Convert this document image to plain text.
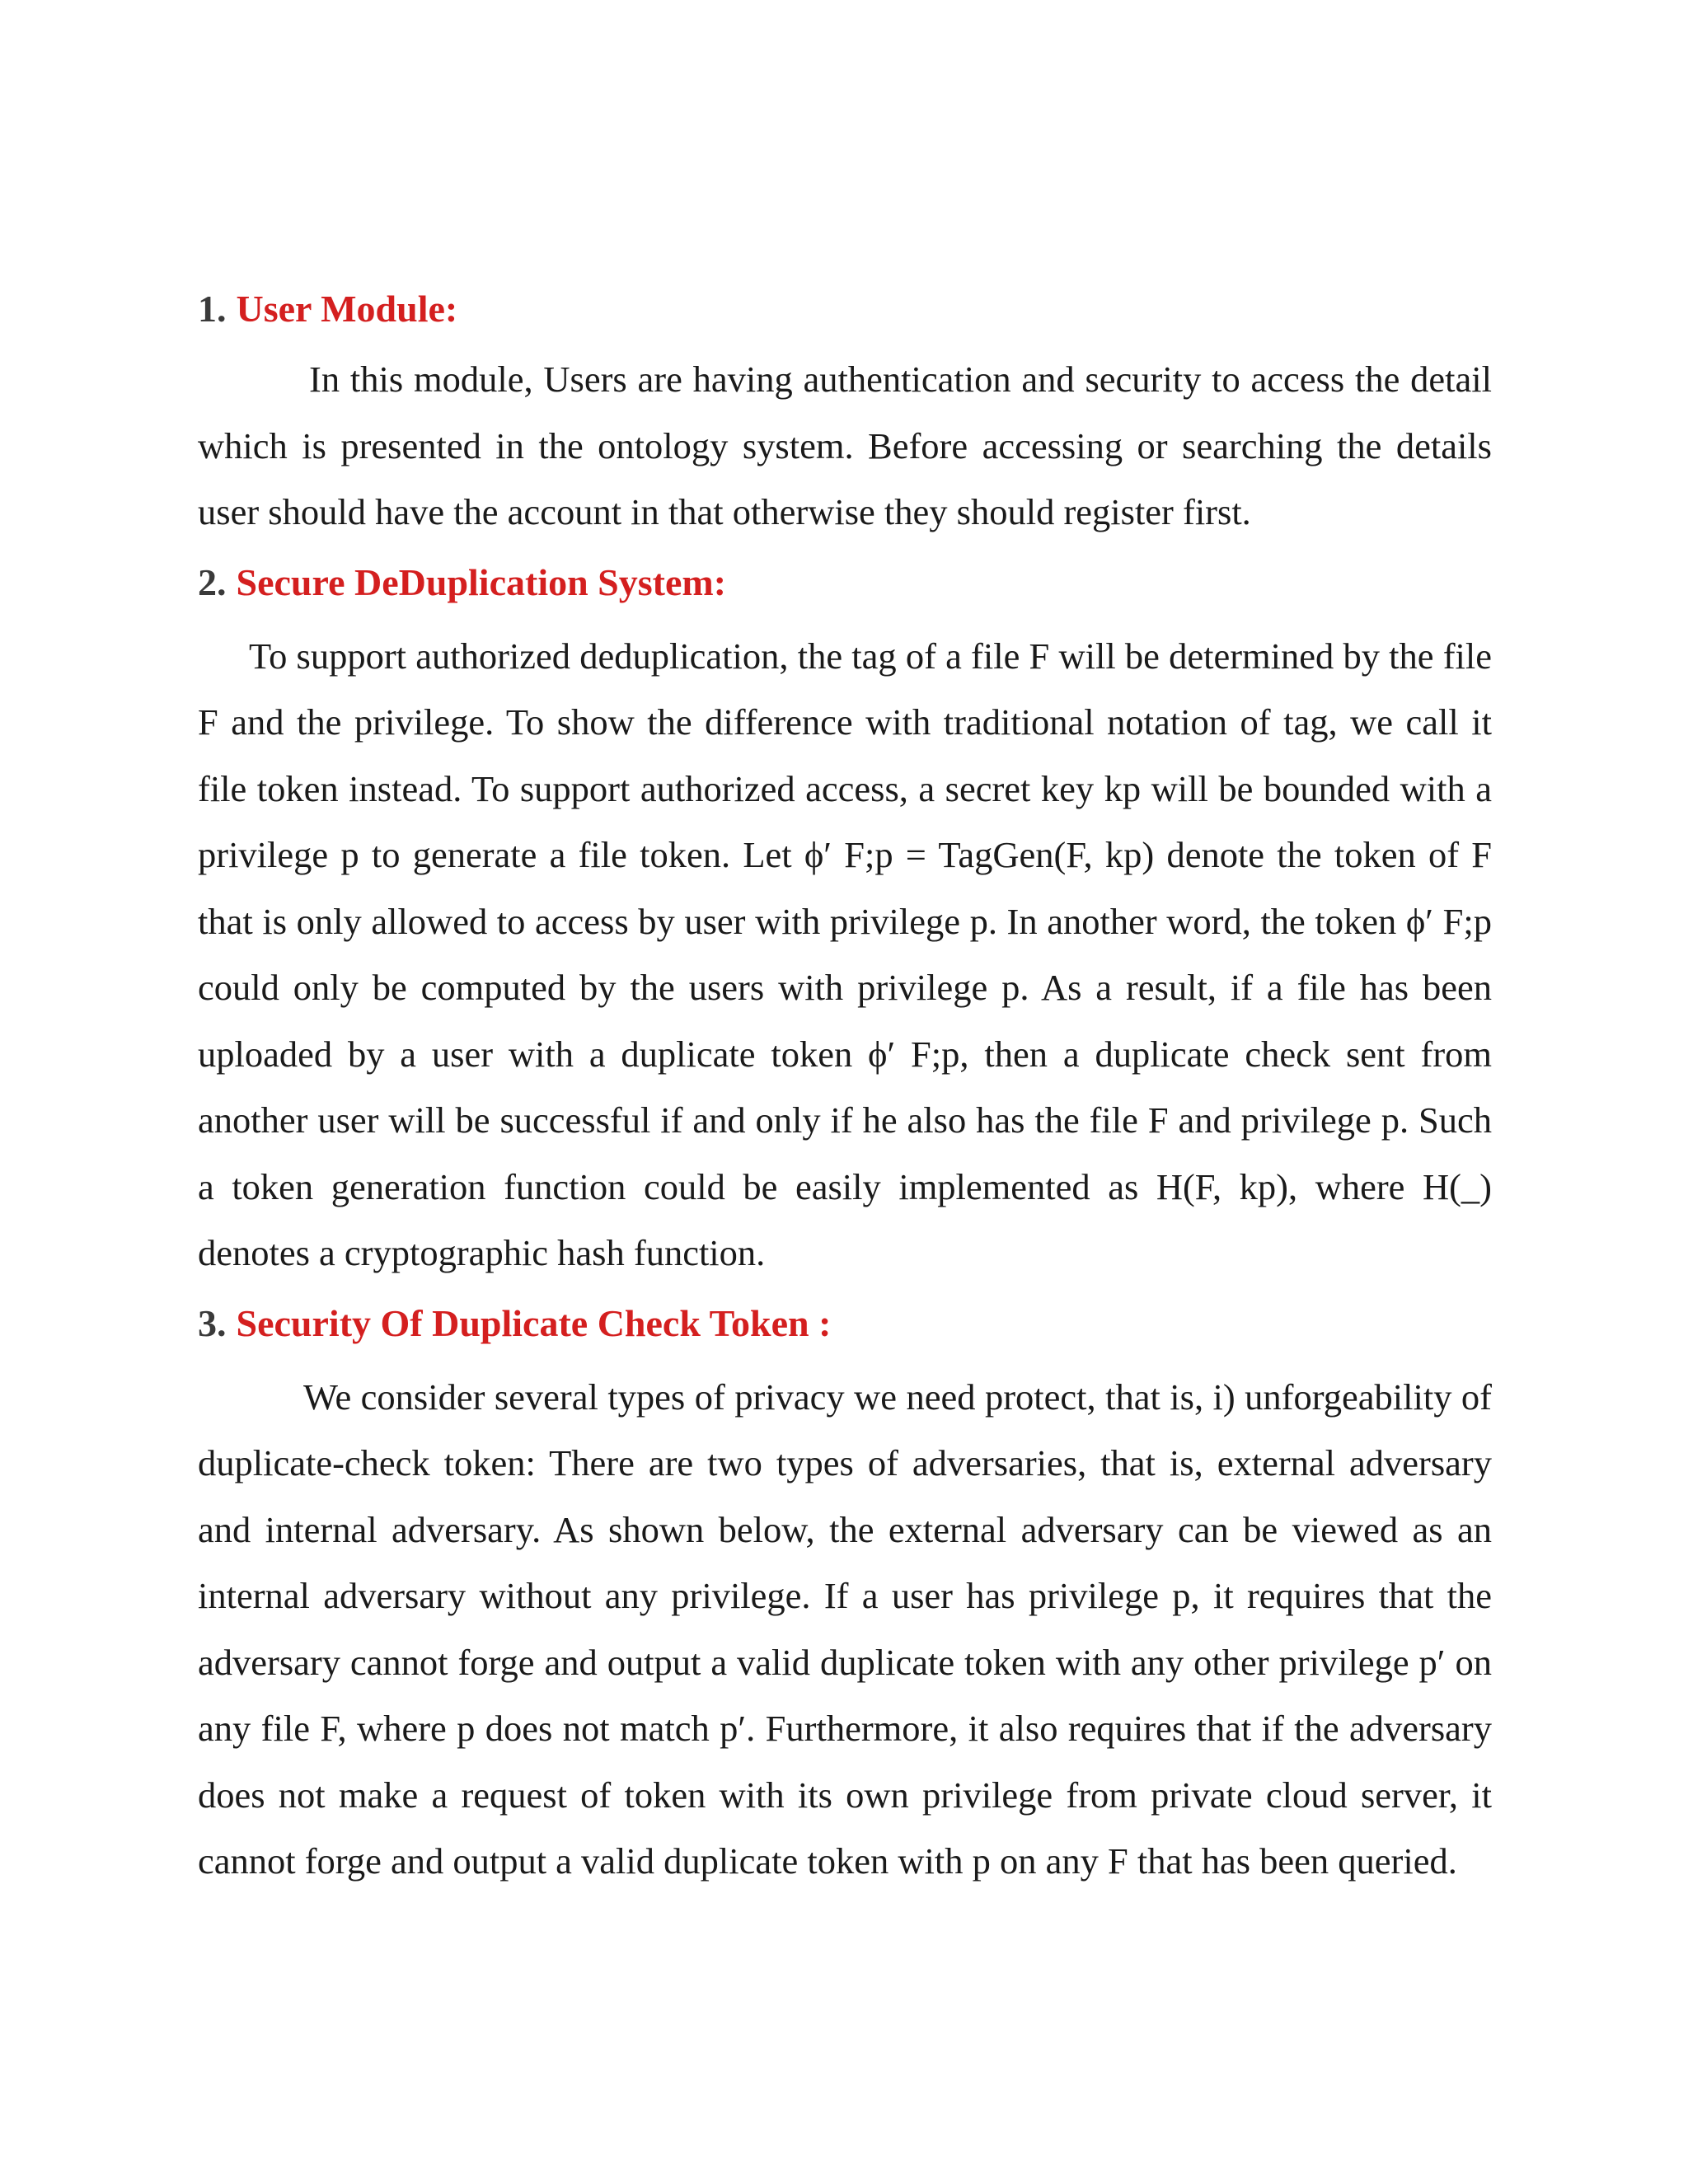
1. User Module:

In this module, Users are having authentication and security to access the detail which is presented in the ontology system. Before accessing or searching the details user should have the account in that otherwise they should register first.

2. Secure DeDuplication System:

To support authorized deduplication, the tag of a file F will be determined by the file F and the privilege. To show the difference with traditional notation of tag, we call it file token instead. To support authorized access, a secret key kp will be bounded with a privilege p to generate a file token. Let ϕ′ F;p = TagGen(F, kp) denote the token of F that is only allowed to access by user with privilege p. In another word, the token ϕ′ F;p could only be computed by the users with privilege p. As a result, if a file has been uploaded by a user with a duplicate token ϕ′ F;p, then a duplicate check sent from another user will be successful if and only if he also has the file F and privilege p. Such a token generation function could be easily implemented as H(F, kp), where H(_) denotes a cryptographic hash function.

3. Security Of Duplicate Check Token :

We consider several types of privacy we need protect, that is, i) unforgeability of duplicate-check token: There are two types of adversaries, that is, external adversary and internal adversary. As shown below, the external adversary can be viewed as an internal adversary without any privilege. If a user has privilege p, it requires that the adversary cannot forge and output a valid duplicate token with any other privilege p′ on any file F, where p does not match p′. Furthermore, it also requires that if the adversary does not make a request of token with its own privilege from private cloud server, it cannot forge and output a valid duplicate token with p on any F that has been queried.
